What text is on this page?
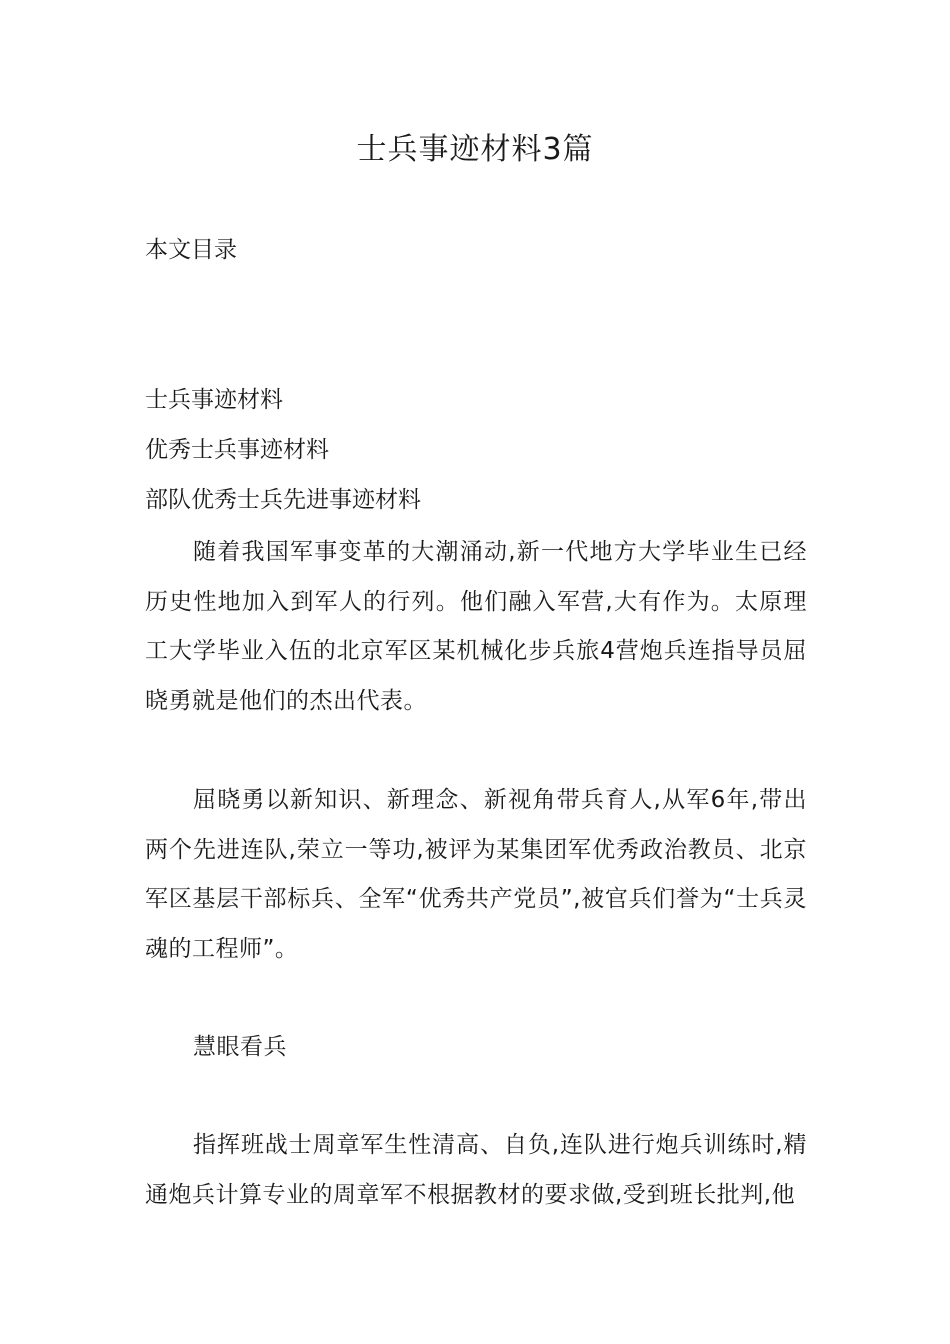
士兵事迹材料3篇
本文目录
士兵事迹材料
优秀士兵事迹材料
部队优秀士兵先进事迹材料

随着我国军事变革的大潮涌动,新一代地方大学毕业生已经历史性地加入到军人的行列。他们融入军营,大有作为。太原理工大学毕业入伍的北京军区某机械化步兵旅4营炮兵连指导员屈晓勇就是他们的杰出代表。

屈晓勇以新知识、新理念、新视角带兵育人,从军6年,带出两个先进连队,荣立一等功,被评为某集团军优秀政治教员、北京军区基层干部标兵、全军“优秀共产党员”,被官兵们誉为“士兵灵魂的工程师”。

慧眼看兵

指挥班战士周章军生性清高、自负,连队进行炮兵训练时,精通炮兵计算专业的周章军不根据教材的要求做,受到班长批判,他
